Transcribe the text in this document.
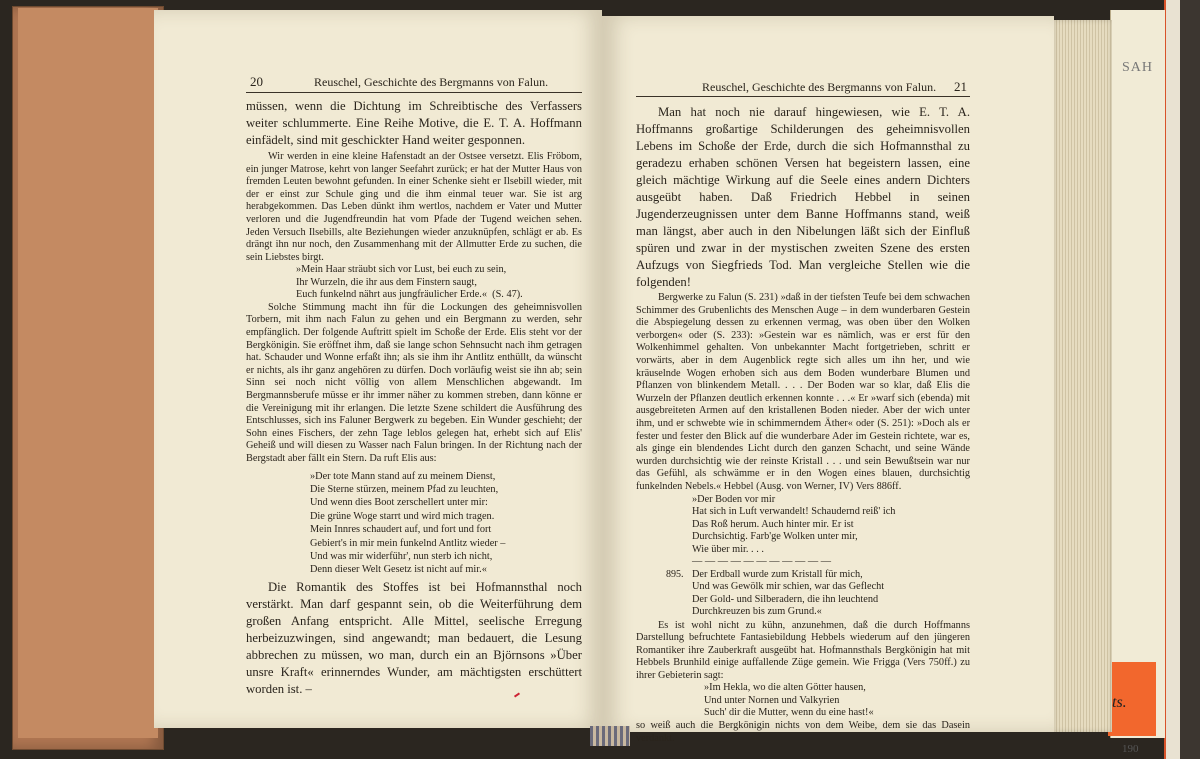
SAH
ts.
190
20	Reuschel, Geschichte des Bergmanns von Falun.

müssen, wenn die Dichtung im Schreibtische des Verfassers weiter schlummerte. Eine Reihe Motive, die E. T. A. Hoffmann einfädelt, sind mit geschickter Hand weiter gesponnen.

Wir werden in eine kleine Hafenstadt an der Ostsee versetzt. Elis Fröbom, ein junger Matrose, kehrt von langer Seefahrt zurück; er hat der Mutter Haus von fremden Leuten bewohnt gefunden. In einer Schenke sieht er Ilsebill wieder, mit der er einst zur Schule ging und die ihm einmal teuer war. Sie ist arg herabgekommen. Das Leben dünkt ihm wertlos, nachdem er Vater und Mutter verloren und die Jugendfreundin hat vom Pfade der Tugend weichen sehen. Jeden Versuch Ilsebills, alte Beziehungen wieder anzuknüpfen, schlägt er ab. Es drängt ihn nur noch, den Zusammenhang mit der Allmutter Erde zu suchen, die sein Liebstes birgt.

»Mein Haar sträubt sich vor Lust, bei euch zu sein,
Ihr Wurzeln, die ihr aus dem Finstern saugt,
Euch funkelnd nährt aus jungfräulicher Erde.«  (S. 47).

Solche Stimmung macht ihn für die Lockungen des geheimnisvollen Torbern, mit ihm nach Falun zu gehen und ein Bergmann zu werden, sehr empfänglich. Der folgende Auftritt spielt im Schoße der Erde. Elis steht vor der Bergkönigin. Sie eröffnet ihm, daß sie lange schon Sehnsucht nach ihm getragen hat. Schauder und Wonne erfaßt ihn; als sie ihm ihr Antlitz enthüllt, da wünscht er nichts, als ihr ganz angehören zu dürfen. Doch vorläufig weist sie ihn ab; sein Sinn sei noch nicht völlig von allem Menschlichen abgewandt. Im Bergmannsberufe müsse er ihr immer näher zu kommen streben, dann könne er die Vereinigung mit ihr erlangen. Die letzte Szene schildert die Ausführung des Entschlusses, sich ins Faluner Bergwerk zu begeben. Ein Wunder geschieht; der Sohn eines Fischers, der zehn Tage leblos gelegen hat, erhebt sich auf Elis' Geheiß und will diesen zu Wasser nach Falun bringen. In der Richtung nach der Bergstadt aber fällt ein Stern. Da ruft Elis aus:

»Der tote Mann stand auf zu meinem Dienst,
Die Sterne stürzen, meinem Pfad zu leuchten,
Und wenn dies Boot zerschellert unter mir:
Die grüne Woge starrt und wird mich tragen.
Mein Innres schaudert auf, und fort und fort
Gebiert's in mir mein funkelnd Antlitz wieder –
Und was mir widerführ', nun sterb ich nicht,
Denn dieser Welt Gesetz ist nicht auf mir.«

Die Romantik des Stoffes ist bei Hofmannsthal noch verstärkt. Man darf gespannt sein, ob die Weiterführung dem großen Anfang entspricht. Alle Mittel, seelische Erregung herbeizuzwingen, sind angewandt; man bedauert, die Lesung abbrechen zu müssen, wo man, durch ein an Björnsons »Über unsre Kraft« erinnerndes Wunder, am mächtigsten erschüttert worden ist. –

Reuschel, Geschichte des Bergmanns von Falun. 21

Man hat noch nie darauf hingewiesen, wie E. T. A. Hoffmanns großartige Schilderungen des geheimnisvollen Lebens im Schoße der Erde, durch die sich Hofmannsthal zu geradezu erhaben schönen Versen hat begeistern lassen, eine gleich mächtige Wirkung auf die Seele eines andern Dichters ausgeübt haben. Daß Friedrich Hebbel in seinen Jugenderzeugnissen unter dem Banne Hoffmanns stand, weiß man längst, aber auch in den Nibelungen läßt sich der Einfluß spüren und zwar in der mystischen zweiten Szene des ersten Aufzugs von Siegfrieds Tod. Man vergleiche Stellen wie die folgenden!

Bergwerke zu Falun (S. 231) »daß in der tiefsten Teufe bei dem schwachen Schimmer des Grubenlichts des Menschen Auge – in dem wunderbaren Gestein die Abspiegelung dessen zu erkennen vermag, was oben über den Wolken verborgen« oder (S. 233): »Gestein war es nämlich, was er erst für den Wolkenhimmel gehalten. Von unbekannter Macht fortgetrieben, schritt er vorwärts, aber in dem Augenblick regte sich alles um ihn her, und wie kräuselnde Wogen erhoben sich aus dem Boden wunderbare Blumen und Pflanzen von blinkendem Metall. . . . Der Boden war so klar, daß Elis die Wurzeln der Pflanzen deutlich erkennen konnte . . .« Er »warf sich (ebenda) mit ausgebreiteten Armen auf den kristallenen Boden nieder. Aber der wich unter ihm, und er schwebte wie in schimmerndem Äther« oder (S. 251): »Doch als er fester und fester den Blick auf die wunderbare Ader im Gestein richtete, war es, als ginge ein blendendes Licht durch den ganzen Schacht, und seine Wände wurden durchsichtig wie der reinste Kristall . . . und sein Bewußtsein war nur das Gefühl, als schwämme er in den Wogen eines blauen, durchsichtig funkelnden Nebels.« Hebbel (Ausg. von Werner, IV) Vers 886ff.

»Der Boden vor mir
Hat sich in Luft verwandelt! Schaudernd reiß' ich
Das Roß herum. Auch hinter mir. Er ist
Durchsichtig. Farb'ge Wolken unter mir,
Wie über mir. . . .
— — — — — — — — — — —
895. Der Erdball wurde zum Kristall für mich,
Und was Gewölk mir schien, war das Geflecht
Der Gold- und Silberadern, die ihn leuchtend
Durchkreuzen bis zum Grund.«

Es ist wohl nicht zu kühn, anzunehmen, daß die durch Hoffmanns Darstellung befruchtete Fantasiebildung Hebbels wiederum auf den jüngeren Romantiker ihre Zauberkraft ausgeübt hat. Hofmannsthals Bergkönigin hat mit Hebbels Brunhild einige auffallende Züge gemein. Wie Frigga (Vers 750ff.) zu ihrer Gebieterin sagt:

»Im Hekla, wo die alten Götter hausen,
Und unter Nornen und Valkyrien
Such' dir die Mutter, wenn du eine hast!«

so weiß auch die Bergkönigin nichts von dem Weibe, dem sie das Dasein verdankt.
